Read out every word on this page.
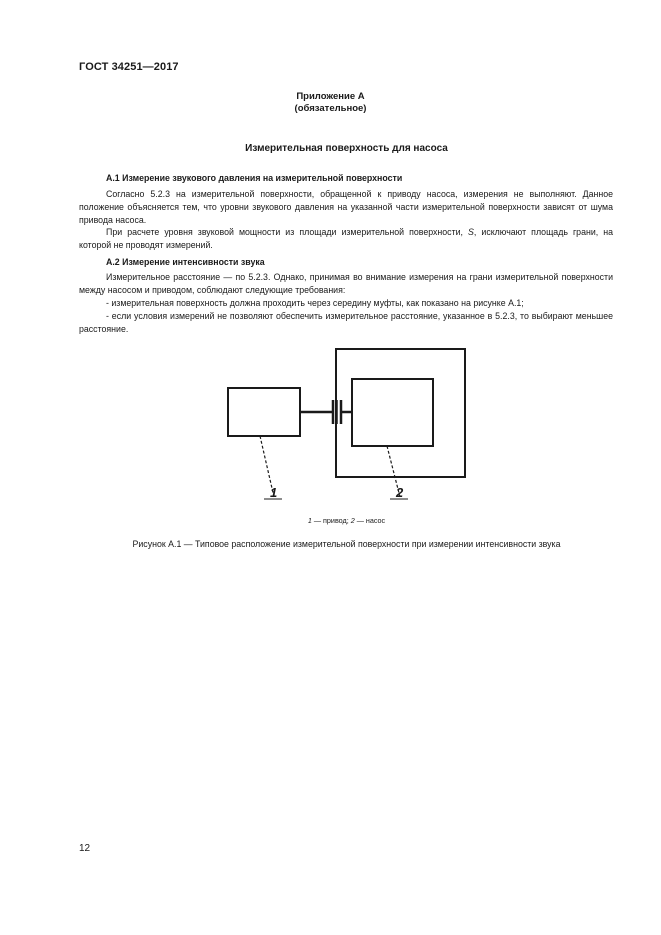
ГОСТ 34251—2017
Приложение А
(обязательное)
Измерительная поверхность для насоса
А.1 Измерение звукового давления на измерительной поверхности

Согласно 5.2.3 на измерительной поверхности, обращенной к приводу насоса, измерения не выполняют. Данное положение объясняется тем, что уровни звукового давления на указанной части измерительной поверхности зависят от шума привода насоса.

При расчете уровня звуковой мощности из площади измерительной поверхности, S, исключают площадь грани, на которой не проводят измерений.

А.2 Измерение интенсивности звука

Измерительное расстояние — по 5.2.3. Однако, принимая во внимание измерения на грани измерительной поверхности между насосом и приводом, соблюдают следующие требования:

- измерительная поверхность должна проходить через середину муфты, как показано на рисунке А.1;

- если условия измерений не позволяют обеспечить измерительное расстояние, указанное в 5.2.3, то выбирают меньшее расстояние.

1	2
1 — привод; 2 — насос
Рисунок А.1 — Типовое расположение измерительной поверхности при измерении интенсивности звука
12
